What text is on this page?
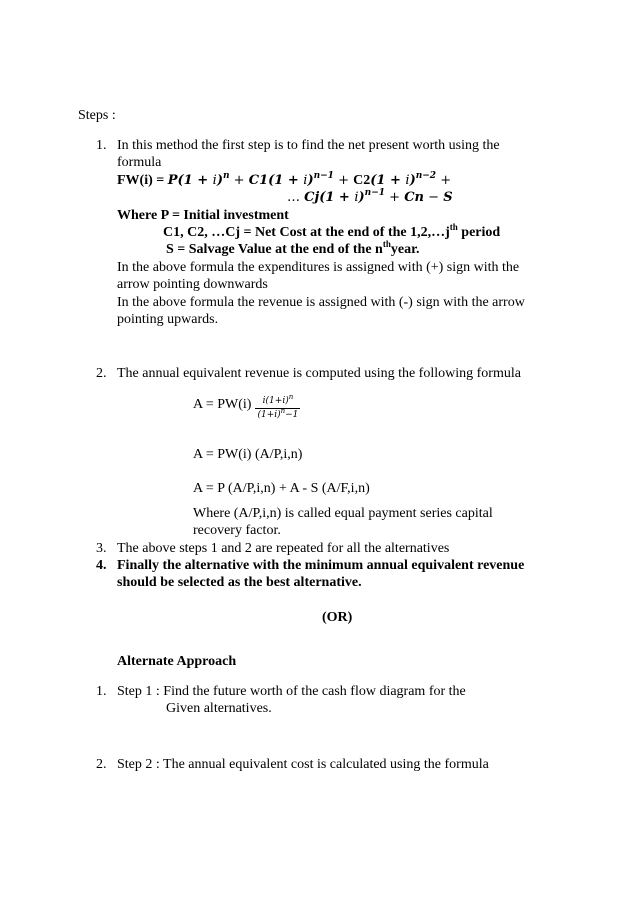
Steps :
1. In this method the first step is to find the net present worth using the
formula
$FW(i) = P(1 + i)^n + C1(1 + i)^{n-1} + C2(1 + i)^{n-2}$ +
… $Cj(1 + i)^{n-1} + Cn - S$
Where P = Initial investment
C1, C2, …Cj = Net Cost at the end of the $1,2,\dots j^{th}$ period
S = Salvage Value at the end of the $n^{th}year$.
In the above formula the expenditures is assigned with (+) sign with the
arrow pointing downwards
In the above formula the revenue is assigned with (-) sign with the arrow
pointing upwards.
2. The annual equivalent revenue is computed using the following formula
$A = PW(i) \frac{i(1+i)^n}{(1+i)^n-1}$
A = PW(i) (A/P,i,n)
A = P (A/P,i,n) + A - S (A/F,i,n)
Where (A/P,i,n) is called equal payment series capital
recovery factor.
3. The above steps 1 and 2 are repeated for all the alternatives
4. Finally the alternative with the minimum annual equivalent revenue
should be selected as the best alternative.
(OR)
Alternate Approach
1. Step 1 : Find the future worth of the cash flow diagram for the
Given alternatives.
2. Step 2 : The annual equivalent cost is calculated using the formula
